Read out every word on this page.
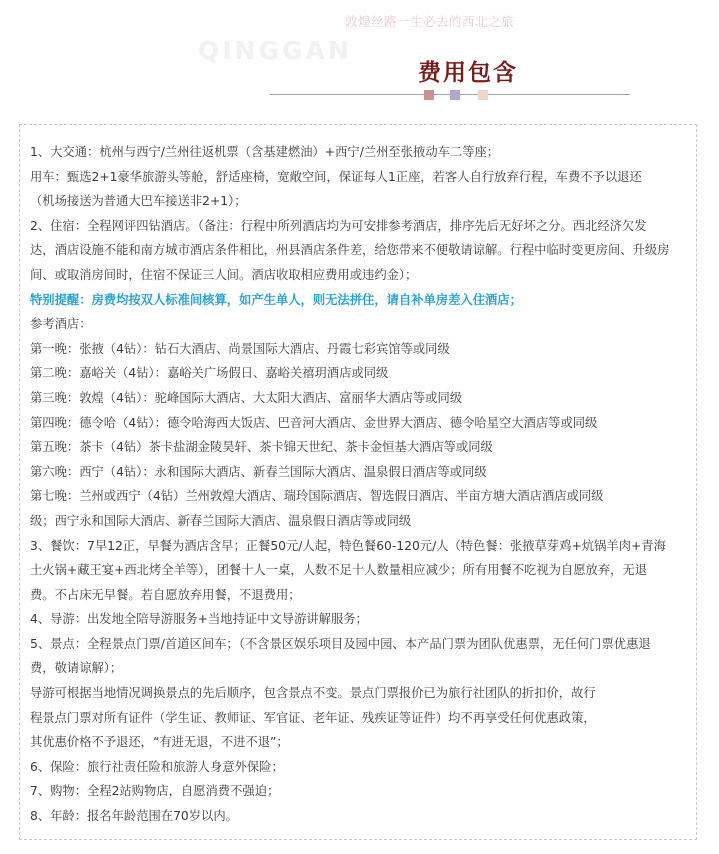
QINGGAN
敦煌丝路一生必去的西北之旅
费用包含
1、大交通：杭州与西宁/兰州往返机票（含基建燃油）+西宁/兰州至张掖动车二等座；
用车：甄选2+1豪华旅游头等舱，舒适座椅，宽敞空间，保证每人1正座，若客人自行放弃行程，车费不予以退还
（机场接送为普通大巴车接送非2+1）；
2、住宿：全程网评四钻酒店。（备注：行程中所列酒店均为可安排参考酒店，排序先后无好坏之分。西北经济欠发
达，酒店设施不能和南方城市酒店条件相比，州县酒店条件差，给您带来不便敬请谅解。行程中临时变更房间、升级房
间、或取消房间时，住宿不保证三人间。酒店收取相应费用或违约金）；
特别提醒：房费均按双人标准间核算，如产生单人，则无法拼住，请自补单房差入住酒店；
参考酒店：
第一晚：张掖（4钻）：钻石大酒店、尚景国际大酒店、丹霞七彩宾馆等或同级
第二晚：嘉峪关（4钻）：嘉峪关广场假日、嘉峪关禧玥酒店或同级
第三晚：敦煌（4钻）：驼峰国际大酒店、大太阳大酒店、富丽华大酒店等或同级
第四晚：德令哈（4钻）：德令哈海西大饭店、巴音河大酒店、金世界大酒店、德令哈星空大酒店等或同级
第五晚：茶卡（4钻）茶卡盐湖金陵昊轩、茶卡锦天世纪、茶卡金恒基大酒店等或同级
第六晚：西宁（4钻）：永和国际大酒店、新春兰国际大酒店、温泉假日酒店等或同级
第七晚：兰州或西宁（4钻）兰州敦煌大酒店、瑞玲国际酒店、智选假日酒店、半亩方塘大酒店酒店或同级
级；西宁永和国际大酒店、新春兰国际大酒店、温泉假日酒店等或同级
3、餐饮：7早12正，早餐为酒店含早；正餐50元/人起，特色餐60-120元/人（特色餐：张掖草芽鸡+炕锅羊肉+青海
土火锅+藏王宴+西北烤全羊等），团餐十人一桌，人数不足十人数量相应减少；所有用餐不吃视为自愿放弃，无退
费。不占床无早餐。若自愿放弃用餐，不退费用；
4、导游：出发地全陪导游服务+当地持证中文导游讲解服务；
5、景点：全程景点门票/首道区间车；（不含景区娱乐项目及园中园、本产品门票为团队优惠票，无任何门票优惠退
费，敬请谅解）；
导游可根据当地情况调换景点的先后顺序，包含景点不变。景点门票报价已为旅行社团队的折扣价，故行
程景点门票对所有证件（学生证、教师证、军官证、老年证、残疾证等证件）均不再享受任何优惠政策，
其优惠价格不予退还，“有进无退，不进不退”；
6、保险：旅行社责任险和旅游人身意外保险；
7、购物：全程2站购物店，自愿消费不强迫；
8、年龄：报名年龄范围在70岁以内。
